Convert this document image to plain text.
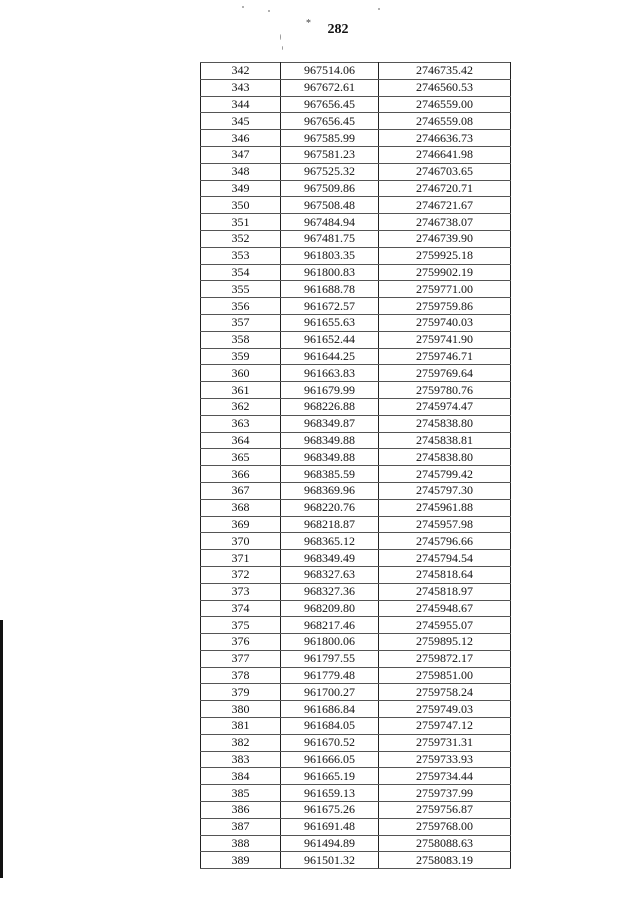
*	282
342	967514.06	2746735.42
343	967672.61	2746560.53
344	967656.45	2746559.00
345	967656.45	2746559.08
346	967585.99	2746636.73
347	967581.23	2746641.98
348	967525.32	2746703.65
349	967509.86	2746720.71
350	967508.48	2746721.67
351	967484.94	2746738.07
352	967481.75	2746739.90
353	961803.35	2759925.18
354	961800.83	2759902.19
355	961688.78	2759771.00
356	961672.57	2759759.86
357	961655.63	2759740.03
358	961652.44	2759741.90
359	961644.25	2759746.71
360	961663.83	2759769.64
361	961679.99	2759780.76
362	968226.88	2745974.47
363	968349.87	2745838.80
364	968349.88	2745838.81
365	968349.88	2745838.80
366	968385.59	2745799.42
367	968369.96	2745797.30
368	968220.76	2745961.88
369	968218.87	2745957.98
370	968365.12	2745796.66
371	968349.49	2745794.54
372	968327.63	2745818.64
373	968327.36	2745818.97
374	968209.80	2745948.67
375	968217.46	2745955.07
376	961800.06	2759895.12
377	961797.55	2759872.17
378	961779.48	2759851.00
379	961700.27	2759758.24
380	961686.84	2759749.03
381	961684.05	2759747.12
382	961670.52	2759731.31
383	961666.05	2759733.93
384	961665.19	2759734.44
385	961659.13	2759737.99
386	961675.26	2759756.87
387	961691.48	2759768.00
388	961494.89	2758088.63
389	961501.32	2758083.19
